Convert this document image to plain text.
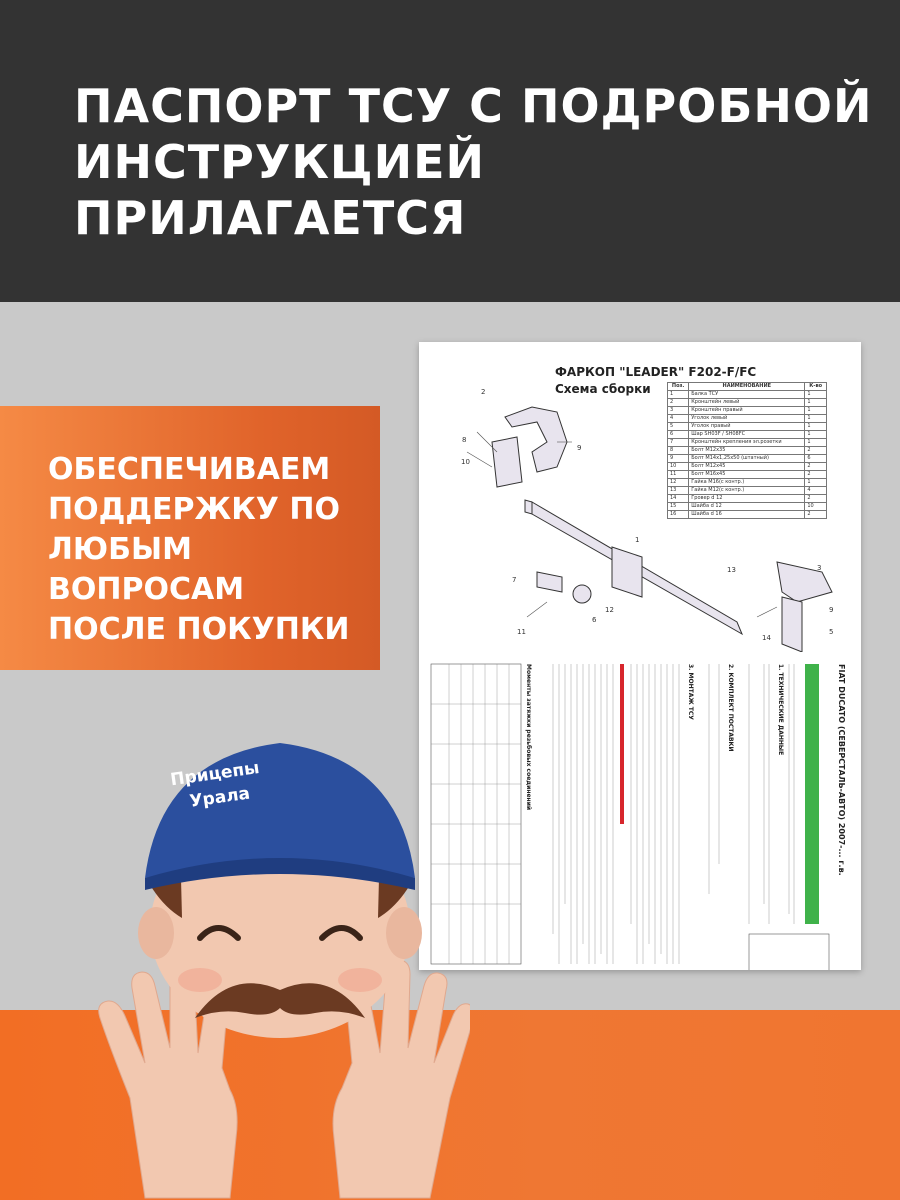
ПАСПОРТ ТСУ С ПОДРОБНОЙ
ИНСТРУКЦИЕЙ ПРИЛАГАЕТСЯ
ОБЕСПЕЧИВАЕМ
ПОДДЕРЖКУ ПО
ЛЮБЫМ
ВОПРОСАМ
ПОСЛЕ ПОКУПКИ
ФАРКОП "LEADER" F202-F/FC
Схема сборки	Поз.	НАИМЕНОВАНИЕ	К-во
1	Балка ТСУ	1
2	Кронштейн левый	1
3	Кронштейн правый	1
4	Уголок левый	1
5	Уголок правый	1
6	Шар SH03F / SH08FC	1
7	Кронштейн крепления эл.розетки	1
8	Болт M12х35	2
9	Болт M14х1,25х50 (штатный)	6
10	Болт M12х45	2
11	Болт M16х45	2
12	Гайка M16(с контр.)	1
13	Гайка M12(с контр.)	4
14	Гровер d 12	2
15	Шайба d 12	10
16	Шайба d 16	2
2
8
10
9
1
7
6
12
11
3
9
5
14
13
FIAT DUCATO (СЕВЕРСТАЛЬ-АВТО) 2007-... г.в.
1. ТЕХНИЧЕСКИЕ ДАННЫЕ
2. КОМПЛЕКТ ПОСТАВКИ
3. МОНТАЖ ТСУ
Моменты затяжки резьбовых соединений
Прицепы
Урала
